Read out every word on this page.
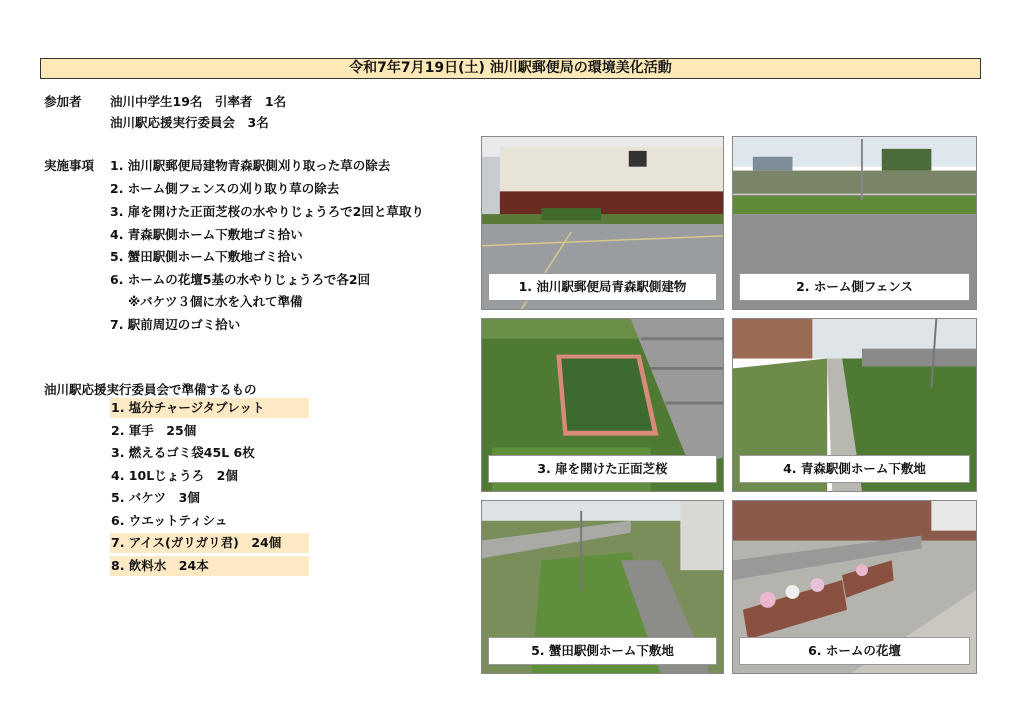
令和7年7月19日(土) 油川駅郵便局の環境美化活動
参加者 油川中学生19名　引率者　1名
油川駅応援実行委員会　3名
実施事項 1. 油川駅郵便局建物青森駅側刈り取った草の除去
2. ホーム側フェンスの刈り取り草の除去
3. 扉を開けた正面芝桜の水やりじょうろで2回と草取り
4. 青森駅側ホーム下敷地ゴミ拾い
5. 蟹田駅側ホーム下敷地ゴミ拾い
6. ホームの花壇5基の水やりじょうろで各2回
※バケツ３個に水を入れて準備
7. 駅前周辺のゴミ拾い
油川駅応援実行委員会で準備するもの
1. 塩分チャージタブレット
2. 軍手　25個
3. 燃えるゴミ袋45L 6枚
4. 10Lじょうろ　2個
5. バケツ　3個
6. ウエットティシュ
7. アイス(ガリガリ君)　24個
8. 飲料水　24本
1. 油川駅郵便局青森駅側建物	2. ホーム側フェンス
3. 扉を開けた正面芝桜	4. 青森駅側ホーム下敷地
5. 蟹田駅側ホーム下敷地	6. ホームの花壇
